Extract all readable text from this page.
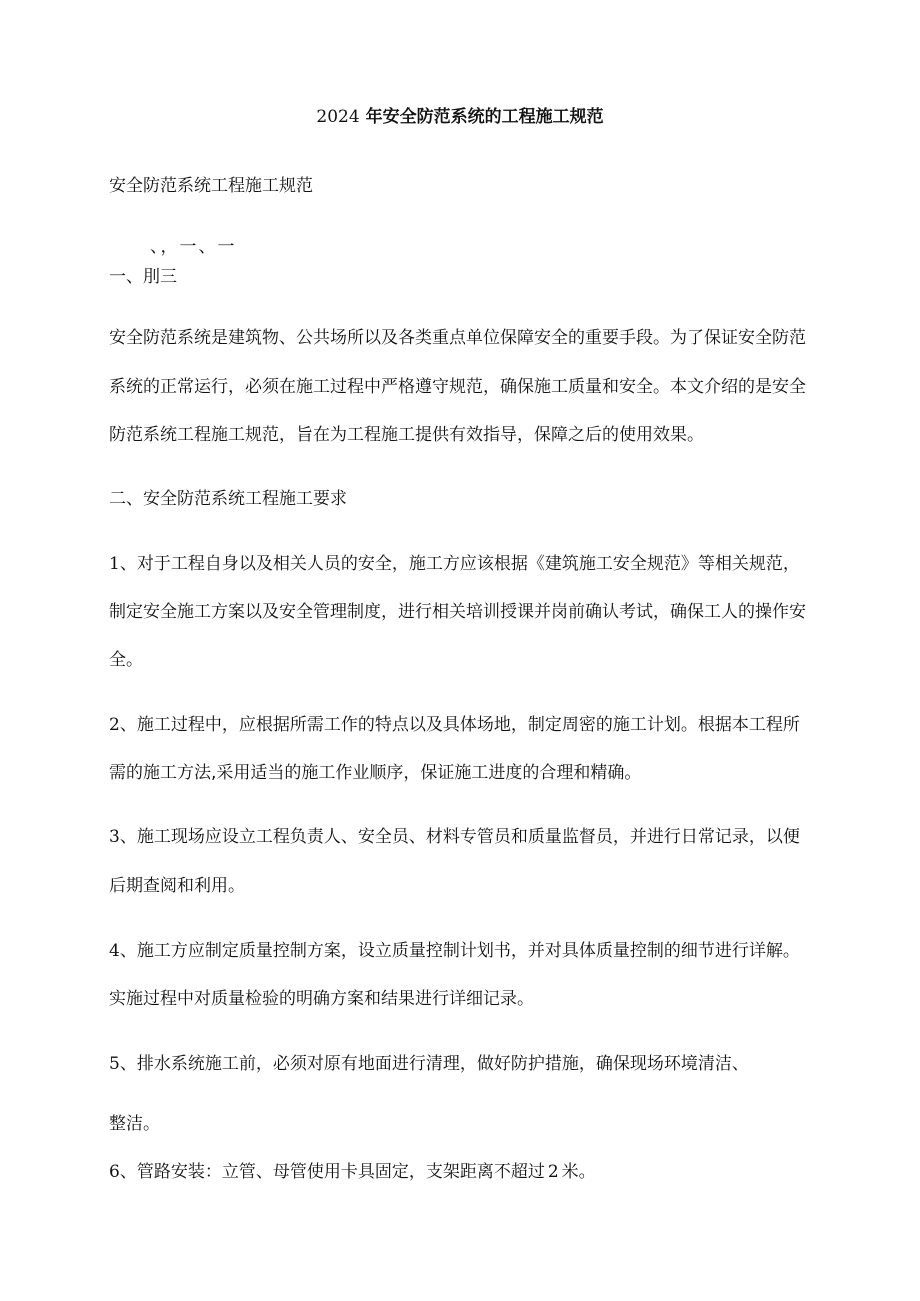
2024 年安全防范系统的工程施工规范
安全防范系统工程施工规范
、，一、一
一、刖三
安全防范系统是建筑物、公共场所以及各类重点单位保障安全的重要手段。为了保证安全防范
系统的正常运行，必须在施工过程中严格遵守规范，确保施工质量和安全。本文介绍的是安全
防范系统工程施工规范，旨在为工程施工提供有效指导，保障之后的使用效果。
二、安全防范系统工程施工要求
1、对于工程自身以及相关人员的安全，施工方应该根据《建筑施工安全规范》等相关规范，
制定安全施工方案以及安全管理制度，进行相关培训授课并岗前确认考试，确保工人的操作安
全。
2、施工过程中，应根据所需工作的特点以及具体场地，制定周密的施工计划。根据本工程所
需的施工方法,采用适当的施工作业顺序，保证施工进度的合理和精确。
3、施工现场应设立工程负责人、安全员、材料专管员和质量监督员，并进行日常记录，以便
后期查阅和利用。
4、施工方应制定质量控制方案，设立质量控制计划书，并对具体质量控制的细节进行详解。
实施过程中对质量检验的明确方案和结果进行详细记录。
5、排水系统施工前，必须对原有地面进行清理，做好防护措施，确保现场环境清洁、
整洁。
6、管路安装：立管、母管使用卡具固定，支架距离不超过 2 米。
